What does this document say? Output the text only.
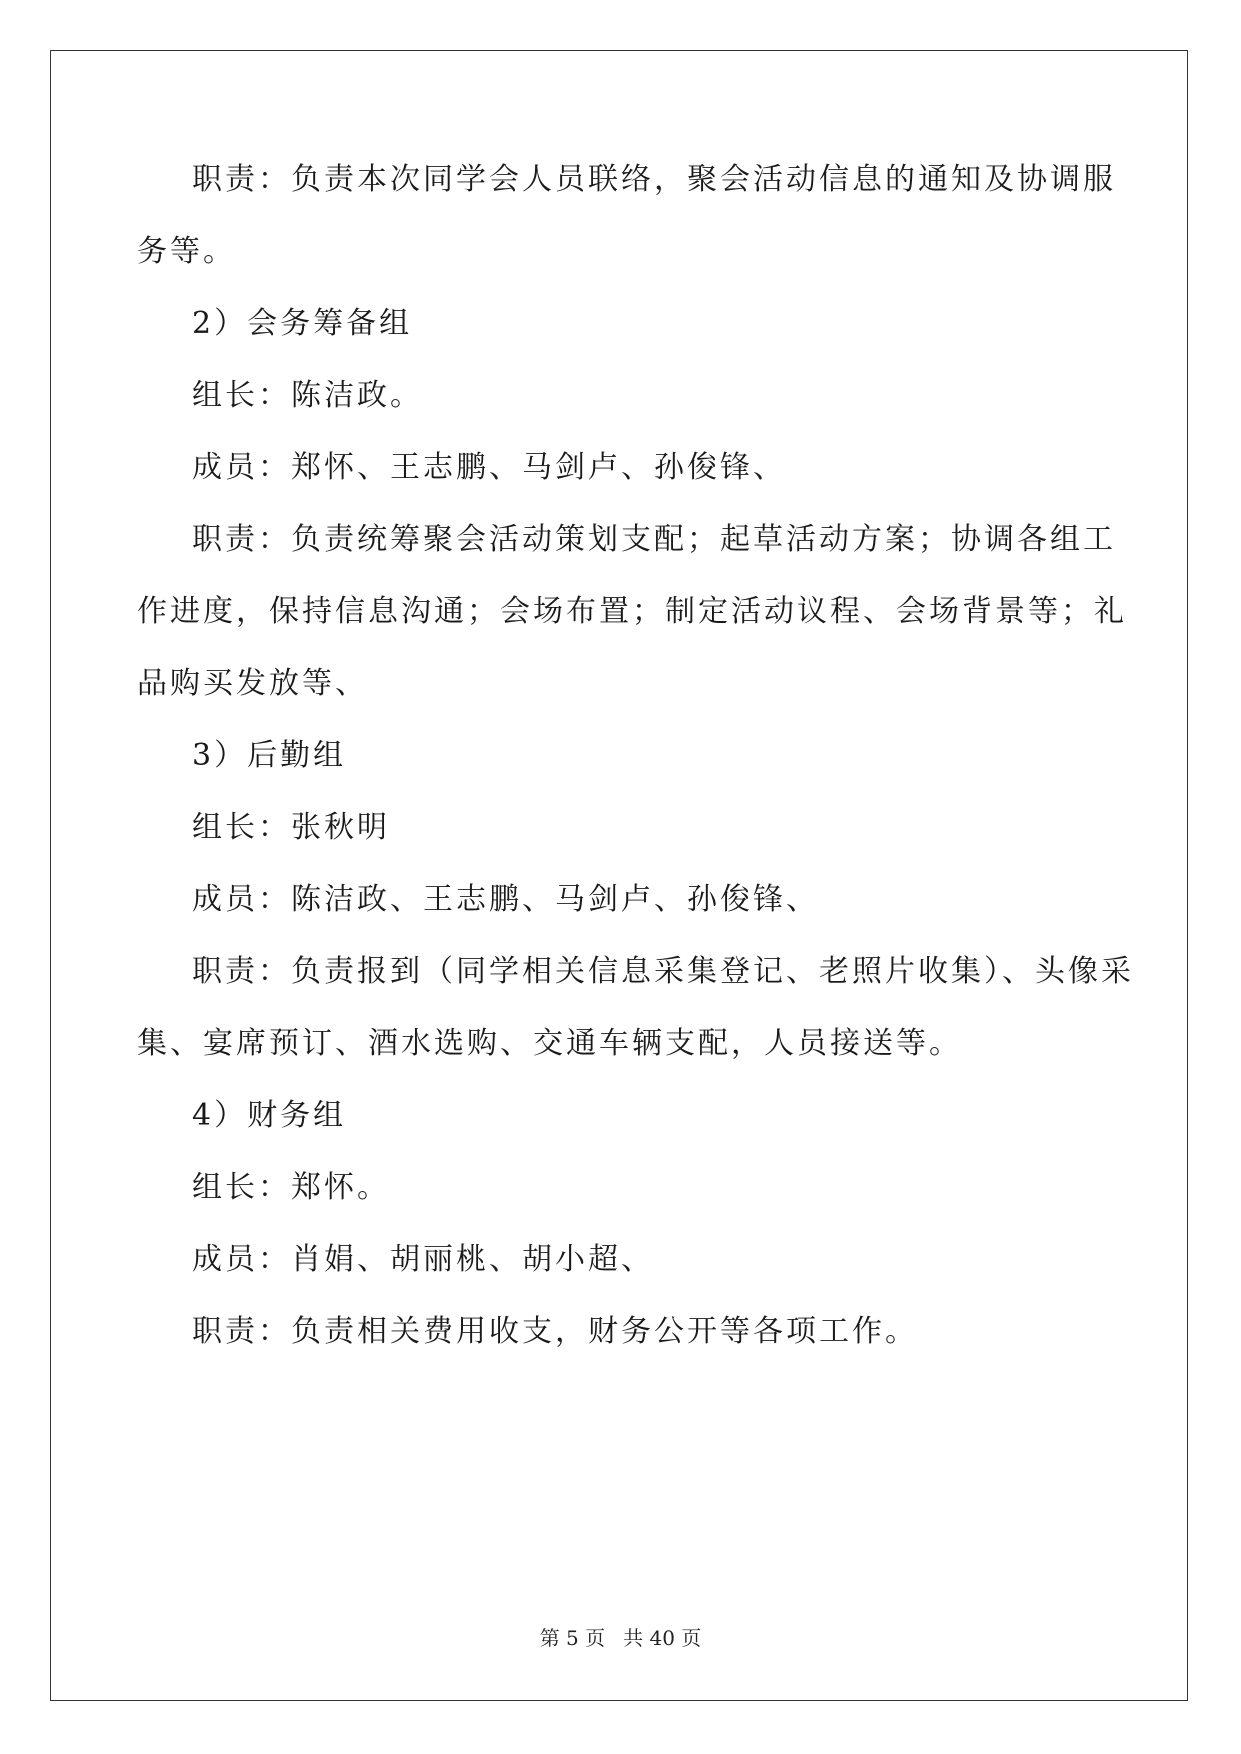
职责：负责本次同学会人员联络，聚会活动信息的通知及协调服
务等。
2）会务筹备组
组长：陈洁政。
成员：郑怀、王志鹏、马剑卢、孙俊锋、
职责：负责统筹聚会活动策划支配；起草活动方案；协调各组工
作进度，保持信息沟通；会场布置；制定活动议程、会场背景等；礼
品购买发放等、
3）后勤组
组长：张秋明
成员：陈洁政、王志鹏、马剑卢、孙俊锋、
职责：负责报到（同学相关信息采集登记、老照片收集）、头像采
集、宴席预订、酒水选购、交通车辆支配，人员接送等。
4）财务组
组长：郑怀。
成员：肖娟、胡丽桃、胡小超、
职责：负责相关费用收支，财务公开等各项工作。
第 5 页 共 40 页
